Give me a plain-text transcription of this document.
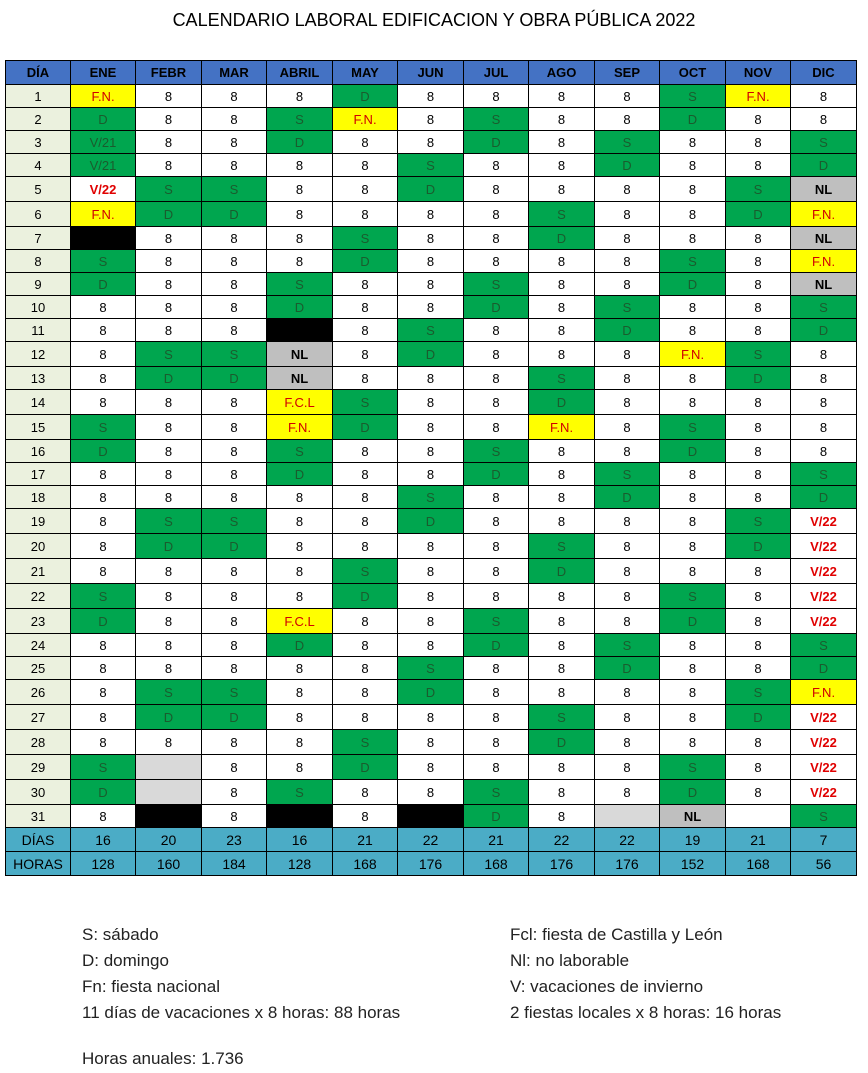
CALENDARIO LABORAL EDIFICACION Y OBRA PÚBLICA 2022
DÍA	ENE	FEBR	MAR	ABRIL	MAY	JUN	JUL	AGO	SEP	OCT	NOV	DIC
1	F.N.	8	8	8	D	8	8	8	8	S	F.N.	8
2	D	8	8	S	F.N.	8	S	8	8	D	8	8
3	V/21	8	8	D	8	8	D	8	S	8	8	S
4	V/21	8	8	8	8	S	8	8	D	8	8	D
5	V/22	S	S	8	8	D	8	8	8	8	S	NL
6	F.N.	D	D	8	8	8	8	S	8	8	D	F.N.
7		8	8	8	S	8	8	D	8	8	8	NL
8	S	8	8	8	D	8	8	8	8	S	8	F.N.
9	D	8	8	S	8	8	S	8	8	D	8	NL
10	8	8	8	D	8	8	D	8	S	8	8	S
11	8	8	8		8	S	8	8	D	8	8	D
12	8	S	S	NL	8	D	8	8	8	F.N.	S	8
13	8	D	D	NL	8	8	8	S	8	8	D	8
14	8	8	8	F.C.L	S	8	8	D	8	8	8	8
15	S	8	8	F.N.	D	8	8	F.N.	8	S	8	8
16	D	8	8	S	8	8	S	8	8	D	8	8
17	8	8	8	D	8	8	D	8	S	8	8	S
18	8	8	8	8	8	S	8	8	D	8	8	D
19	8	S	S	8	8	D	8	8	8	8	S	V/22
20	8	D	D	8	8	8	8	S	8	8	D	V/22
21	8	8	8	8	S	8	8	D	8	8	8	V/22
22	S	8	8	8	D	8	8	8	8	S	8	V/22
23	D	8	8	F.C.L	8	8	S	8	8	D	8	V/22
24	8	8	8	D	8	8	D	8	S	8	8	S
25	8	8	8	8	8	S	8	8	D	8	8	D
26	8	S	S	8	8	D	8	8	8	8	S	F.N.
27	8	D	D	8	8	8	8	S	8	8	D	V/22
28	8	8	8	8	S	8	8	D	8	8	8	V/22
29	S		8	8	D	8	8	8	8	S	8	V/22
30	D		8	S	8	8	S	8	8	D	8	V/22
31	8		8		8		D	8		NL		S
DÍAS	16	20	23	16	21	22	21	22	22	19	21	7
HORAS	128	160	184	128	168	176	168	176	176	152	168	56
S: sábado
D: domingo
Fn: fiesta nacional
11 días de vacaciones x 8 horas: 88 horas
Fcl: fiesta de Castilla y León
Nl: no laborable
V: vacaciones de invierno
2 fiestas locales x 8 horas: 16 horas
Horas anuales: 1.736
